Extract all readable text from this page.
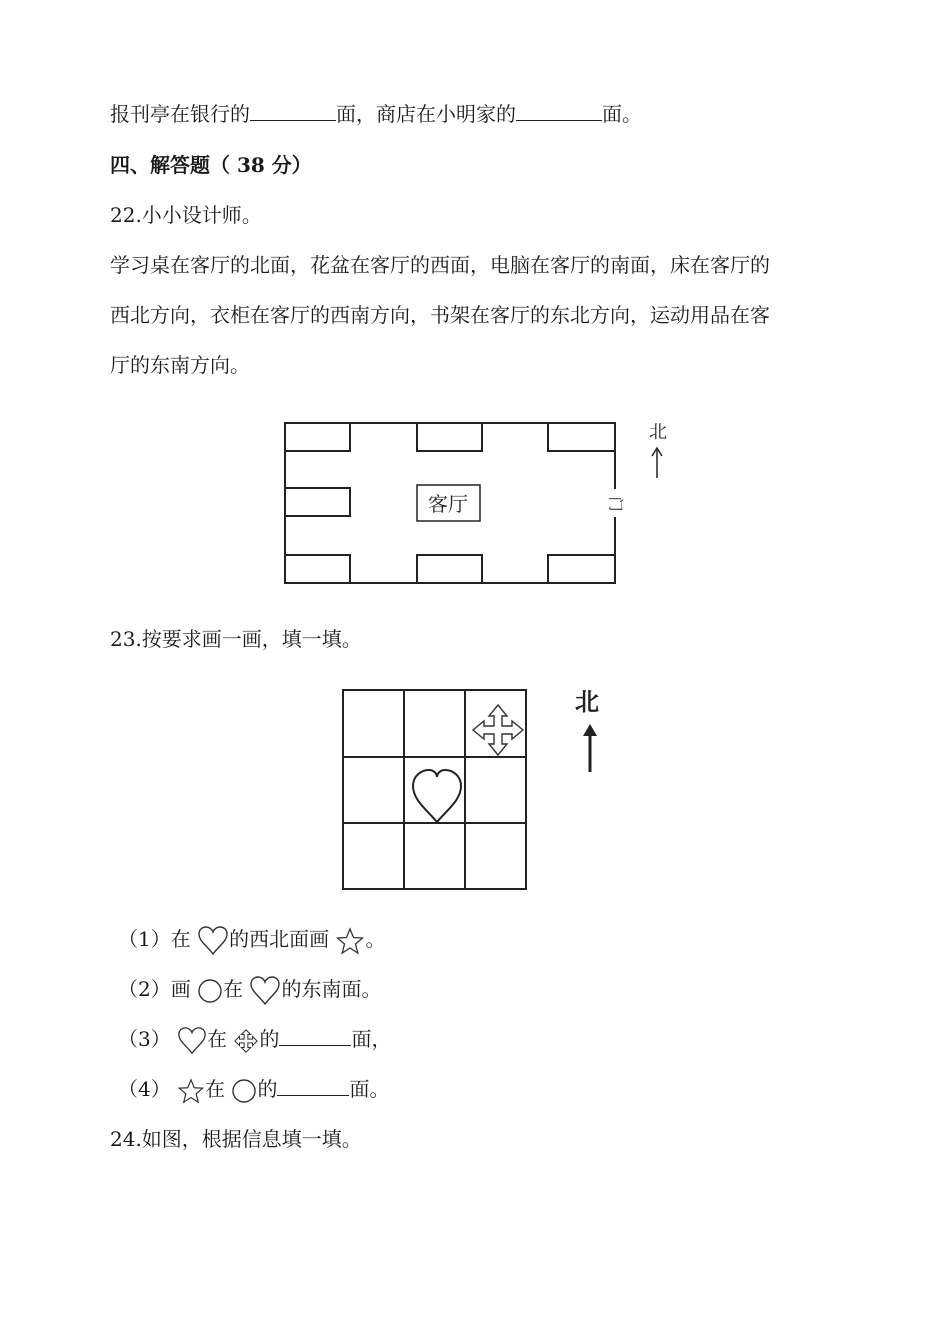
报刊亭在银行的	面，商店在小明家的	面。
四、解答题（ 38 分）
22.小小设计师。
学习桌在客厅的北面，花盆在客厅的西面，电脑在客厅的南面，床在客厅的
西北方向，衣柜在客厅的西南方向，书架在客厅的东北方向，运动用品在客
厅的东南方向。
客厅	门
北
23.按要求画一画，填一填。
北
（1）在 的西北面画 。
（2）画 在 的东南面。
（3） 在 的	面，
（4） 在 的	面。
24.如图，根据信息填一填。
